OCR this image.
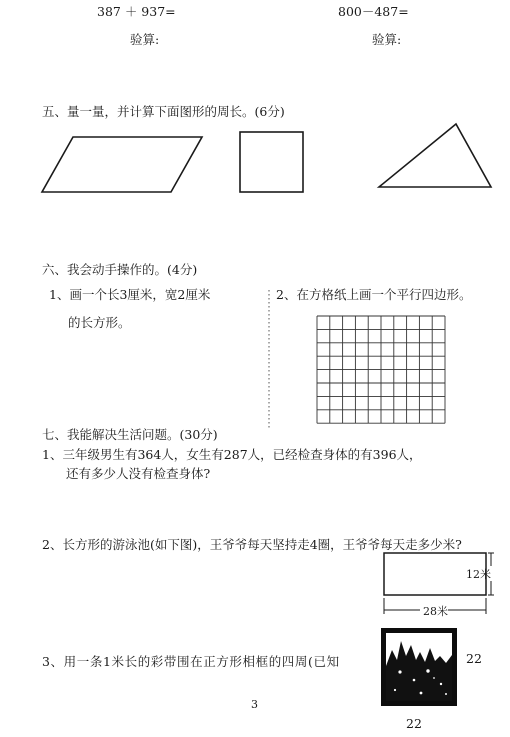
387 ＋ 937=	800－487=
验算:	验算:
五、量一量，并计算下面图形的周长。(6分)
六、我会动手操作的。(4分)
1、画一个长3厘米，宽2厘米
的长方形。
2、在方格纸上画一个平行四边形。
七、我能解决生活问题。(30分)
1、三年级男生有364人，女生有287人，已经检查身体的有396人，
还有多少人没有检查身体?
2、长方形的游泳池(如下图)，王爷爷每天坚持走4圈，王爷爷每天走多少米?
12米
28米
3、用一条1米长的彩带围在正方形相框的四周(已知	22
22
3
